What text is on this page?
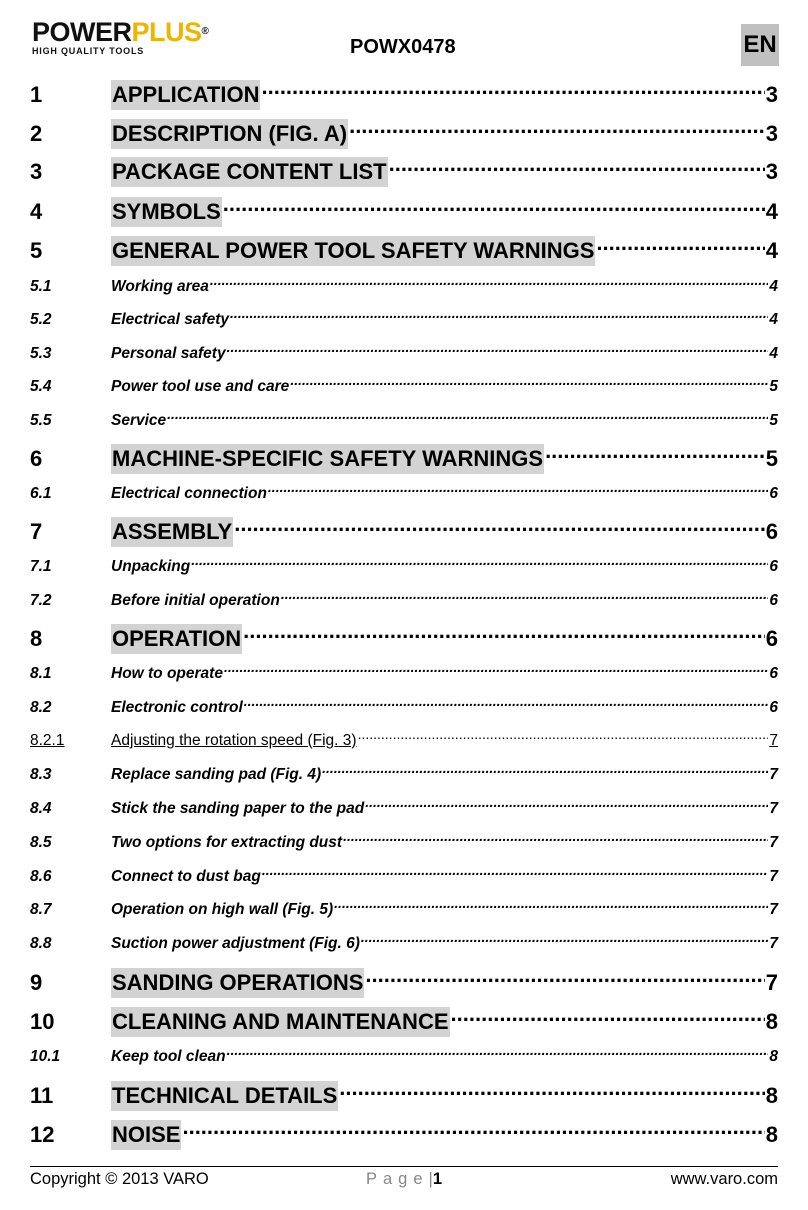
POWERPLUS®
HIGH QUALITY TOOLS	POWX0478	EN
1	APPLICATION .....	3
2	DESCRIPTION (FIG. A) .....	3
3	PACKAGE CONTENT LIST .....	3
4	SYMBOLS .....	4
5	GENERAL POWER TOOL SAFETY WARNINGS .....	4
5.1	Working area .....	4
5.2	Electrical safety .....	4
5.3	Personal safety .....	4
5.4	Power tool use and care .....	5
5.5	Service .....	5
6	MACHINE-SPECIFIC SAFETY WARNINGS .....	5
6.1	Electrical connection .....	6
7	ASSEMBLY .....	6
7.1	Unpacking .....	6
7.2	Before initial operation .....	6
8	OPERATION .....	6
8.1	How to operate .....	6
8.2	Electronic control .....	6
8.2.1	Adjusting the rotation speed (Fig. 3) .....	7
8.3	Replace sanding pad (Fig. 4) .....	7
8.4	Stick the sanding paper to the pad .....	7
8.5	Two options for extracting dust .....	7
8.6	Connect to dust bag .....	7
8.7	Operation on high wall (Fig. 5) .....	7
8.8	Suction power adjustment (Fig. 6) .....	7
9	SANDING OPERATIONS .....	7
10	CLEANING AND MAINTENANCE .....	8
10.1	Keep tool clean .....	8
11	TECHNICAL DETAILS .....	8
12	NOISE .....	8
Copyright © 2013 VARO	Page|1	www.varo.com
